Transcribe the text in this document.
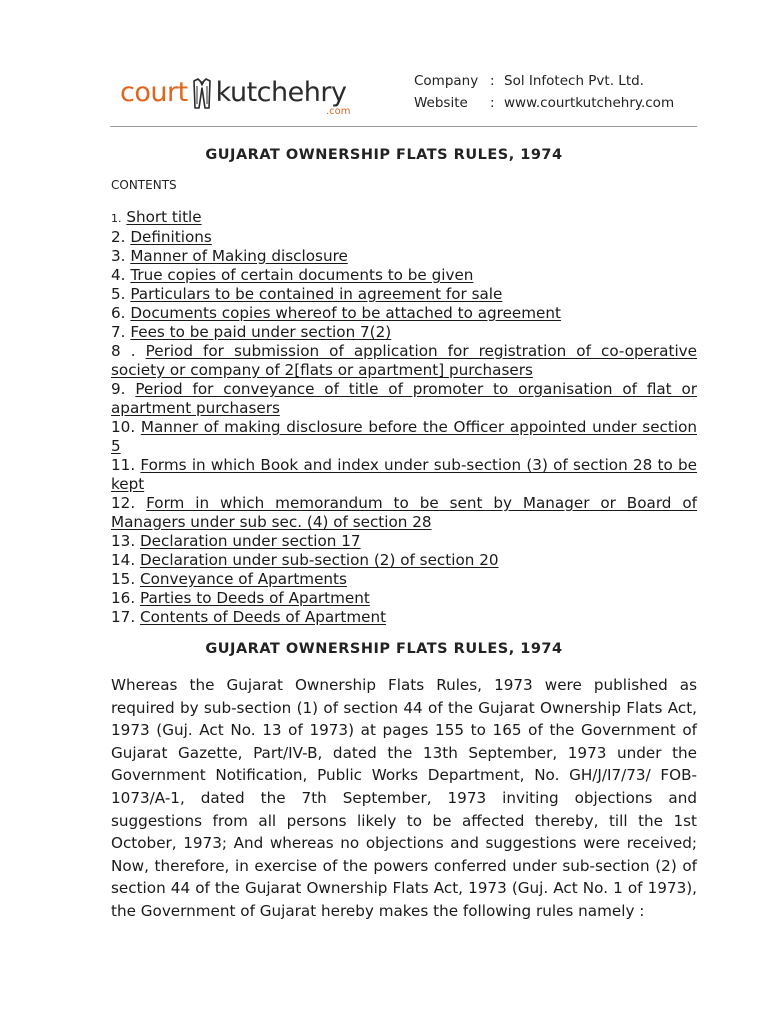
court kutchehry
.com
Company : Sol Infotech Pvt. Ltd.
Website	: www.courtkutchehry.com
GUJARAT OWNERSHIP FLATS RULES, 1974
CONTENTS
1. Short title
2. Definitions
3. Manner of Making disclosure
4. True copies of certain documents to be given
5. Particulars to be contained in agreement for sale
6. Documents copies whereof to be attached to agreement
7. Fees to be paid under section 7(2)
8 . Period for submission of application for registration of co-operative society or company of 2[flats or apartment] purchasers
9. Period for conveyance of title of promoter to organisation of flat or apartment purchasers
10. Manner of making disclosure before the Officer appointed under section 5
11. Forms in which Book and index under sub-section (3) of section 28 to be kept
12. Form in which memorandum to be sent by Manager or Board of Managers under sub sec. (4) of section 28
13. Declaration under section 17
14. Declaration under sub-section (2) of section 20
15. Conveyance of Apartments
16. Parties to Deeds of Apartment
17. Contents of Deeds of Apartment
GUJARAT OWNERSHIP FLATS RULES, 1974

Whereas the Gujarat Ownership Flats Rules, 1973 were published as required by sub-section (1) of section 44 of the Gujarat Ownership Flats Act, 1973 (Guj. Act No. 13 of 1973) at pages 155 to 165 of the Government of Gujarat Gazette, Part/IV-B, dated the 13th September, 1973 under the Government Notification, Public Works Department, No. GH/J/I7/73/ FOB-1073/A-1, dated the 7th September, 1973 inviting objections and suggestions from all persons likely to be affected thereby, till the 1st October, 1973; And whereas no objections and suggestions were received; Now, therefore, in exercise of the powers conferred under sub-section (2) of section 44 of the Gujarat Ownership Flats Act, 1973 (Guj. Act No. 1 of 1973), the Government of Gujarat hereby makes the following rules namely :
